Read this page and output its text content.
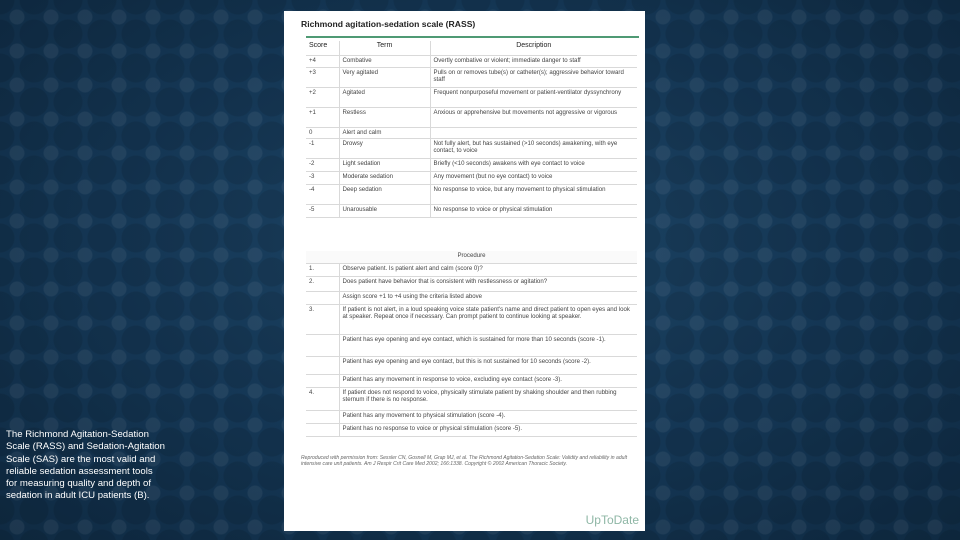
The Richmond Agitation-Sedation Scale (RASS) and Sedation-Agitation Scale (SAS) are the most valid and reliable sedation assessment tools for measuring quality and depth of sedation in adult ICU patients (B).
Richmond agitation-sedation scale (RASS)
Score	Term	Description
+4	Combative	Overtly combative or violent; immediate danger to staff
+3	Very agitated	Pulls on or removes tube(s) or catheter(s); aggressive behavior toward staff
+2	Agitated	Frequent nonpurposeful movement or patient-ventilator dyssynchrony
+1	Restless	Anxious or apprehensive but movements not aggressive or vigorous
0	Alert and calm	
-1	Drowsy	Not fully alert, but has sustained (>10 seconds) awakening, with eye contact, to voice
-2	Light sedation	Briefly (<10 seconds) awakens with eye contact to voice
-3	Moderate sedation	Any movement (but no eye contact) to voice
-4	Deep sedation	No response to voice, but any movement to physical stimulation
-5	Unarousable	No response to voice or physical stimulation
Procedure	
1.	Observe patient. Is patient alert and calm (score 0)?
2.	Does patient have behavior that is consistent with restlessness or agitation?
	Assign score +1 to +4 using the criteria listed above
3.	If patient is not alert, in a loud speaking voice state patient's name and direct patient to open eyes and look at speaker. Repeat once if necessary. Can prompt patient to continue looking at speaker.
	Patient has eye opening and eye contact, which is sustained for more than 10 seconds (score -1).
	Patient has eye opening and eye contact, but this is not sustained for 10 seconds (score -2).
	Patient has any movement in response to voice, excluding eye contact (score -3).
4.	If patient does not respond to voice, physically stimulate patient by shaking shoulder and then rubbing sternum if there is no response.
	Patient has any movement to physical stimulation (score -4).
	Patient has no response to voice or physical stimulation (score -5).
Reproduced with permission from: Sessler CN, Gosnell M, Grap MJ, et al. The Richmond Agitation-Sedation Scale: Validity and reliability in adult intensive care unit patients. Am J Respir Crit Care Med 2002; 166:1338. Copyright © 2002 American Thoracic Society.
UpToDate
